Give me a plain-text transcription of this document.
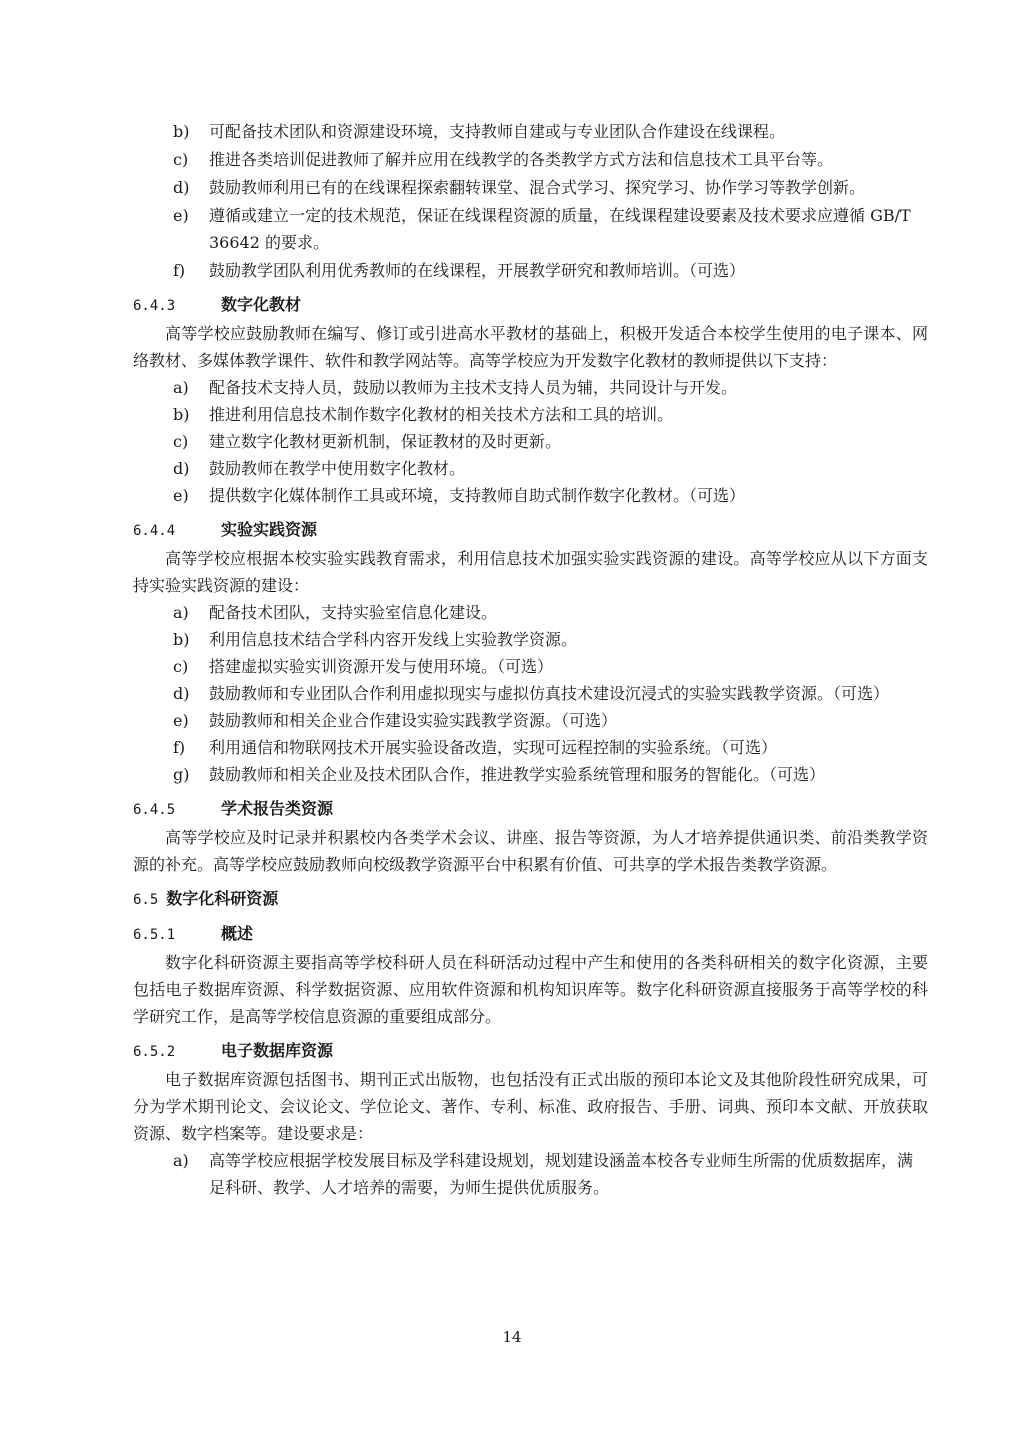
b) 可配备技术团队和资源建设环境，支持教师自建或与专业团队合作建设在线课程。

c) 推进各类培训促进教师了解并应用在线教学的各类教学方式方法和信息技术工具平台等。

d) 鼓励教师利用已有的在线课程探索翻转课堂、混合式学习、探究学习、协作学习等教学创新。

e) 遵循或建立一定的技术规范，保证在线课程资源的质量，在线课程建设要素及技术要求应遵循 GB/T 36642 的要求。

f) 鼓励教学团队利用优秀教师的在线课程，开展教学研究和教师培训。（可选）

6.4.3	数字化教材

高等学校应鼓励教师在编写、修订或引进高水平教材的基础上，积极开发适合本校学生使用的电子课本、网络教材、多媒体教学课件、软件和教学网站等。高等学校应为开发数字化教材的教师提供以下支持：

a) 配备技术支持人员，鼓励以教师为主技术支持人员为辅，共同设计与开发。

b) 推进利用信息技术制作数字化教材的相关技术方法和工具的培训。

c) 建立数字化教材更新机制，保证教材的及时更新。

d) 鼓励教师在教学中使用数字化教材。

e) 提供数字化媒体制作工具或环境，支持教师自助式制作数字化教材。（可选）

6.4.4	实验实践资源

高等学校应根据本校实验实践教育需求，利用信息技术加强实验实践资源的建设。高等学校应从以下方面支持实验实践资源的建设：

a) 配备技术团队，支持实验室信息化建设。

b) 利用信息技术结合学科内容开发线上实验教学资源。

c) 搭建虚拟实验实训资源开发与使用环境。（可选）

d) 鼓励教师和专业团队合作利用虚拟现实与虚拟仿真技术建设沉浸式的实验实践教学资源。（可选）

e) 鼓励教师和相关企业合作建设实验实践教学资源。（可选）

f) 利用通信和物联网技术开展实验设备改造，实现可远程控制的实验系统。（可选）

g) 鼓励教师和相关企业及技术团队合作，推进教学实验系统管理和服务的智能化。（可选）

6.4.5	学术报告类资源

高等学校应及时记录并积累校内各类学术会议、讲座、报告等资源，为人才培养提供通识类、前沿类教学资源的补充。高等学校应鼓励教师向校级教学资源平台中积累有价值、可共享的学术报告类教学资源。

6.5 数字化科研资源
6.5.1	概述

数字化科研资源主要指高等学校科研人员在科研活动过程中产生和使用的各类科研相关的数字化资源，主要包括电子数据库资源、科学数据资源、应用软件资源和机构知识库等。数字化科研资源直接服务于高等学校的科学研究工作，是高等学校信息资源的重要组成部分。

6.5.2	电子数据库资源

电子数据库资源包括图书、期刊正式出版物，也包括没有正式出版的预印本论文及其他阶段性研究成果，可分为学术期刊论文、会议论文、学位论文、著作、专利、标准、政府报告、手册、词典、预印本文献、开放获取资源、数字档案等。建设要求是：

a) 高等学校应根据学校发展目标及学科建设规划，规划建设涵盖本校各专业师生所需的优质数据库，满足科研、教学、人才培养的需要，为师生提供优质服务。

14
